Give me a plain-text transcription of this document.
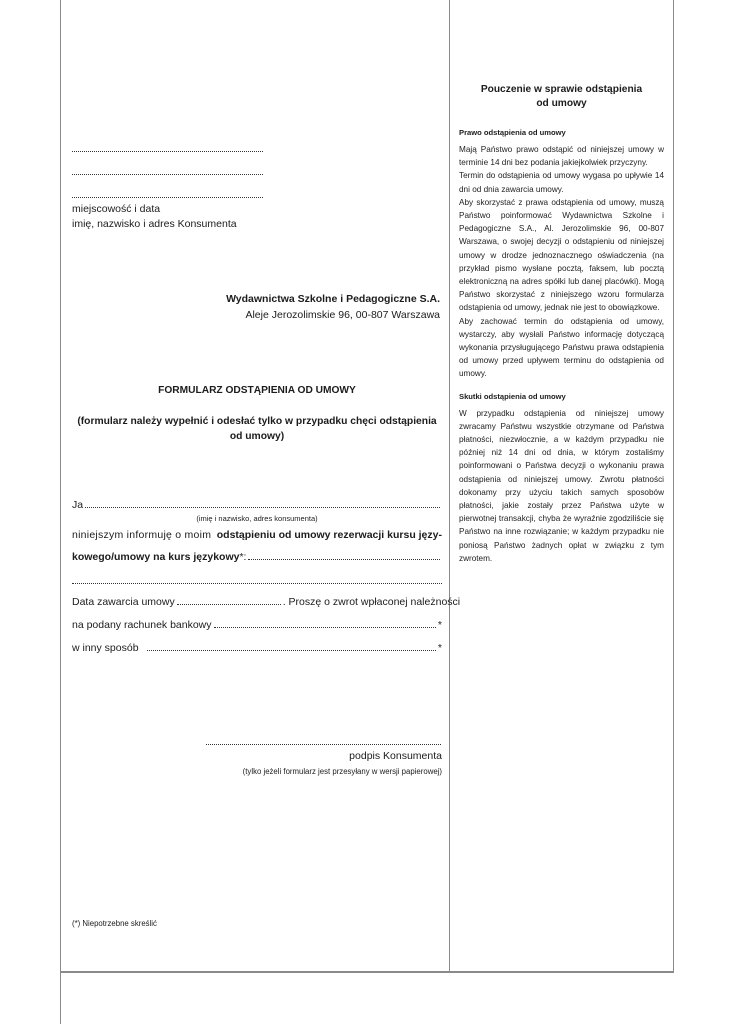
miejscowość i data
imię, nazwisko i adres Konsumenta
Wydawnictwa Szkolne i Pedagogiczne S.A.
Aleje Jerozolimskie 96, 00-807 Warszawa
FORMULARZ ODSTĄPIENIA OD UMOWY
(formularz należy wypełnić i odesłać tylko w przypadku chęci odstąpienia
od umowy)
Ja
(imię i nazwisko, adres konsumenta)
niniejszym informuję o moim odstąpieniu od umowy rezerwacji kursu języ-
kowego/umowy na kurs językowy *:
Data zawarcia umowy	. Proszę o zwrot wpłaconej należności
na podany rachunek bankowy	*
w inny sposób	*
podpis Konsumenta
(tylko jeżeli formularz jest przesyłany w wersji papierowej)
(*) Niepotrzebne skreślić
Pouczenie w sprawie odstąpienia
od umowy
Prawo odstąpienia od umowy

Mają Państwo prawo odstąpić od niniejszej umowy w terminie 14 dni bez podania jakiejkolwiek przyczyny.

Termin do odstąpienia od umowy wygasa po upływie 14 dni od dnia zawarcia umowy.

Aby skorzystać z prawa odstąpienia od umowy, muszą Państwo poinformować Wydawnictwa Szkolne i Pedagogiczne S.A., Al. Jerozolimskie 96, 00-807 Warszawa, o swojej decyzji o odstąpieniu od niniejszej umowy w drodze jednoznacznego oświadczenia (na przykład pismo wysłane pocztą, faksem, lub pocztą elektroniczną na adres spółki lub danej placówki). Mogą Państwo skorzystać z niniejszego wzoru formularza odstąpienia od umowy, jednak nie jest to obowiązkowe.

Aby zachować termin do odstąpienia od umowy, wystarczy, aby wysłali Państwo informację dotyczącą wykonania przysługującego Państwu prawa odstąpienia od umowy przed upływem terminu do odstąpienia od umowy.

Skutki odstąpienia od umowy

W przypadku odstąpienia od niniejszej umowy zwracamy Państwu wszystkie otrzymane od Państwa płatności, niezwłocznie, a w każdym przypadku nie później niż 14 dni od dnia, w którym zostaliśmy poinformowani o Państwa decyzji o wykonaniu prawa odstąpienia od niniejszej umowy. Zwrotu płatności dokonamy przy użyciu takich samych sposobów płatności, jakie zostały przez Państwa użyte w pierwotnej transakcji, chyba że wyraźnie zgodziliście się Państwo na inne rozwiązanie; w każdym przypadku nie poniosą Państwo żadnych opłat w związku z tym zwrotem.
